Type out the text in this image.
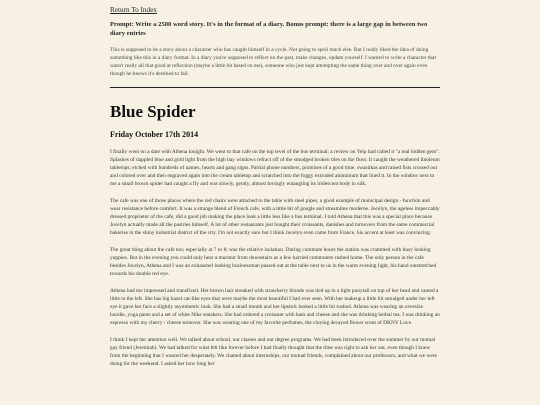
Return To Index

Prompt: Write a 2500 word story. It's in the format of a diary. Bonus prompt: there is a large gap in between two diary entries

This is supposed to be a story about a character who has caught himself in a cycle. Not going to spoil much else. But I really liked the idea of doing something like this in a diary format. In a diary you're supposed to reflect on the past, make changes, update yourself. I wanted to write a character that wasn't really all that good at reflection (maybe a little bit based on me), someone who just kept attempting the same thing over and over again even though he knows it's destined to fail.

Blue Spider
Friday October 17th 2014

I finally went on a date with Athena tonight. We went to that cafe on the top level of the bus terminal; a review on Yelp had called it "a real hidden gem". Splashes of dappled blue and gold light from the high bay windows refract off of the smudged broken tiles on the floor. It caught the weathered linoleum tabletops; etched with hundreds of names, hearts and gang signs. Partial phone numbers, promises of a good time, swastikas and raised fists crossed out and colored over and then engraved again into the cream tabletop and scratched into the foggy extruded aluminium that lined it. In the window next to me a small brown spider had caught a fly and was slowly, gently, almost lovingly entangling its iridescent body in silk.

The cafe was one of those places where the red chairs were attached to the table with steel pipes, a good example of municipal design - function and wear resistance before comfort. It was a strange blend of French cafe, with a little bit of google and streamline moderne. Jocelyn, the ageless impeccably dressed proprietor of the cafe, did a good job making the place look a little less like a bus terminal. I told Athena that this was a special place because Jocelyn actually made all the pastries himself. A lot of other restaurants just bought their croissants, danishes and turnovers from the same commercial bakeries in the shiny industrial district of the city. I'm not exactly sure but I think Jocelyn even came from France, his accent at least was convincing.

The great thing about the cafe too; especially at 7 or 8; was the relative isolation. During commute hours the station was crammed with busy looking yuppies. But in the evening you could only hear a murmur from downstairs as a few harried commuters rushed home. The only person in the cafe besides Jocelyn, Athena and I was an exhausted looking businessman passed out at the table next to us in the warm evening light, his hand outstretched towards his double red eye.

Athena had me impressed and transfixed. Her brown hair streaked with strawberry blonde was tied up in a tight ponytail on top of her head and canted a little to the left. She has big hazel cat-like eyes that were maybe the most beautiful I had ever seen. With her makeup a little bit smudged under her left eye it gave her face a slightly asymmetric look. She had a small mouth and her lipstick looked a little bit rushed. Athena was wearing an oversize hoodie, yoga pants and a set of white Nike sneakers. She had ordered a croissant with ham and cheese and she was drinking herbal tea. I was drinking an espresso with my cherry / cheese turnover. She was wearing one of my favorite perfumes, the cloying decayed flower scent of DKNY Love.

I think I kept her attention well. We talked about school, our classes and our degree programs. We had been introduced over the summer by our mutual gay friend (Jeremiah). We had talked for what felt like forever before I had finally thought that the time was right to ask her out, even though I knew from the beginning that I wanted her desperately. We chatted about internships, our mutual friends, complained about our professors, and what we were doing for the weekend. I asked her how long her
